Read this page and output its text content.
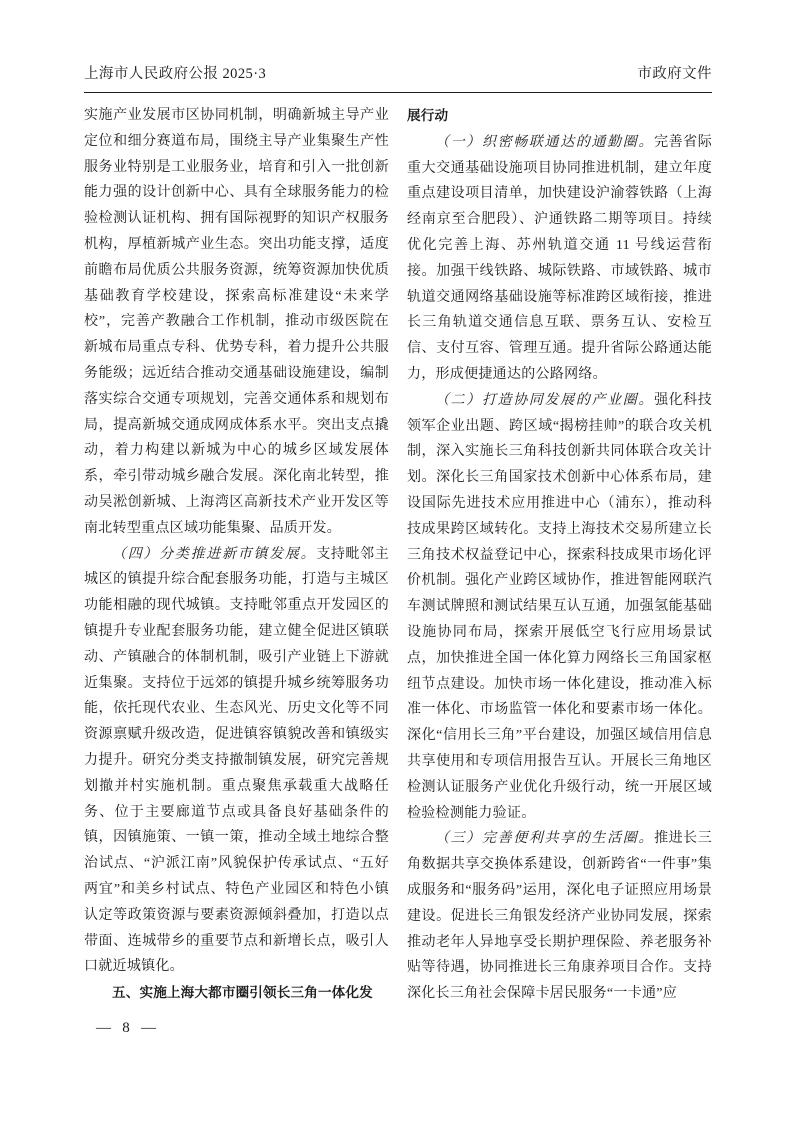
上海市人民政府公报 2025·3	市政府文件

实施产业发展市区协同机制，明确新城主导产业定位和细分赛道布局，围绕主导产业集聚生产性服务业特别是工业服务业，培育和引入一批创新能力强的设计创新中心、具有全球服务能力的检验检测认证机构、拥有国际视野的知识产权服务机构，厚植新城产业生态。突出功能支撑，适度前瞻布局优质公共服务资源，统筹资源加快优质基础教育学校建设，探索高标准建设“未来学校”，完善产教融合工作机制，推动市级医院在新城布局重点专科、优势专科，着力提升公共服务能级；远近结合推动交通基础设施建设，编制落实综合交通专项规划，完善交通体系和规划布局，提高新城交通成网成体系水平。突出支点撬动，着力构建以新城为中心的城乡区域发展体系，牵引带动城乡融合发展。深化南北转型，推动吴淞创新城、上海湾区高新技术产业开发区等南北转型重点区域功能集聚、品质开发。

（四）分类推进新市镇发展。支持毗邻主城区的镇提升综合配套服务功能，打造与主城区功能相融的现代城镇。支持毗邻重点开发园区的镇提升专业配套服务功能，建立健全促进区镇联动、产镇融合的体制机制，吸引产业链上下游就近集聚。支持位于远郊的镇提升城乡统筹服务功能，依托现代农业、生态风光、历史文化等不同资源禀赋升级改造，促进镇容镇貌改善和镇级实力提升。研究分类支持撤制镇发展，研究完善规划撤并村实施机制。重点聚焦承载重大战略任务、位于主要廊道节点或具备良好基础条件的镇，因镇施策、一镇一策，推动全域土地综合整治试点、“沪派江南”风貌保护传承试点、“五好两宜”和美乡村试点、特色产业园区和特色小镇认定等政策资源与要素资源倾斜叠加，打造以点带面、连城带乡的重要节点和新增长点，吸引人口就近城镇化。

五、实施上海大都市圈引领长三角一体化发

展行动

（一）织密畅联通达的通勤圈。完善省际重大交通基础设施项目协同推进机制，建立年度重点建设项目清单，加快建设沪渝蓉铁路（上海经南京至合肥段）、沪通铁路二期等项目。持续优化完善上海、苏州轨道交通 11 号线运营衔接。加强干线铁路、城际铁路、市域铁路、城市轨道交通网络基础设施等标准跨区域衔接，推进长三角轨道交通信息互联、票务互认、安检互信、支付互容、管理互通。提升省际公路通达能力，形成便捷通达的公路网络。

（二）打造协同发展的产业圈。强化科技领军企业出题、跨区域“揭榜挂帅”的联合攻关机制，深入实施长三角科技创新共同体联合攻关计划。深化长三角国家技术创新中心体系布局，建设国际先进技术应用推进中心（浦东），推动科技成果跨区域转化。支持上海技术交易所建立长三角技术权益登记中心，探索科技成果市场化评价机制。强化产业跨区域协作，推进智能网联汽车测试牌照和测试结果互认互通，加强氢能基础设施协同布局，探索开展低空飞行应用场景试点，加快推进全国一体化算力网络长三角国家枢纽节点建设。加快市场一体化建设，推动准入标准一体化、市场监管一体化和要素市场一体化。深化“信用长三角”平台建设，加强区域信用信息共享使用和专项信用报告互认。开展长三角地区检测认证服务产业优化升级行动，统一开展区域检验检测能力验证。

（三）完善便利共享的生活圈。推进长三角数据共享交换体系建设，创新跨省“一件事”集成服务和“服务码”运用，深化电子证照应用场景建设。促进长三角银发经济产业协同发展，探索推动老年人异地享受长期护理保险、养老服务补贴等待遇，协同推进长三角康养项目合作。支持深化长三角社会保障卡居民服务“一卡通”应

— 8 —
